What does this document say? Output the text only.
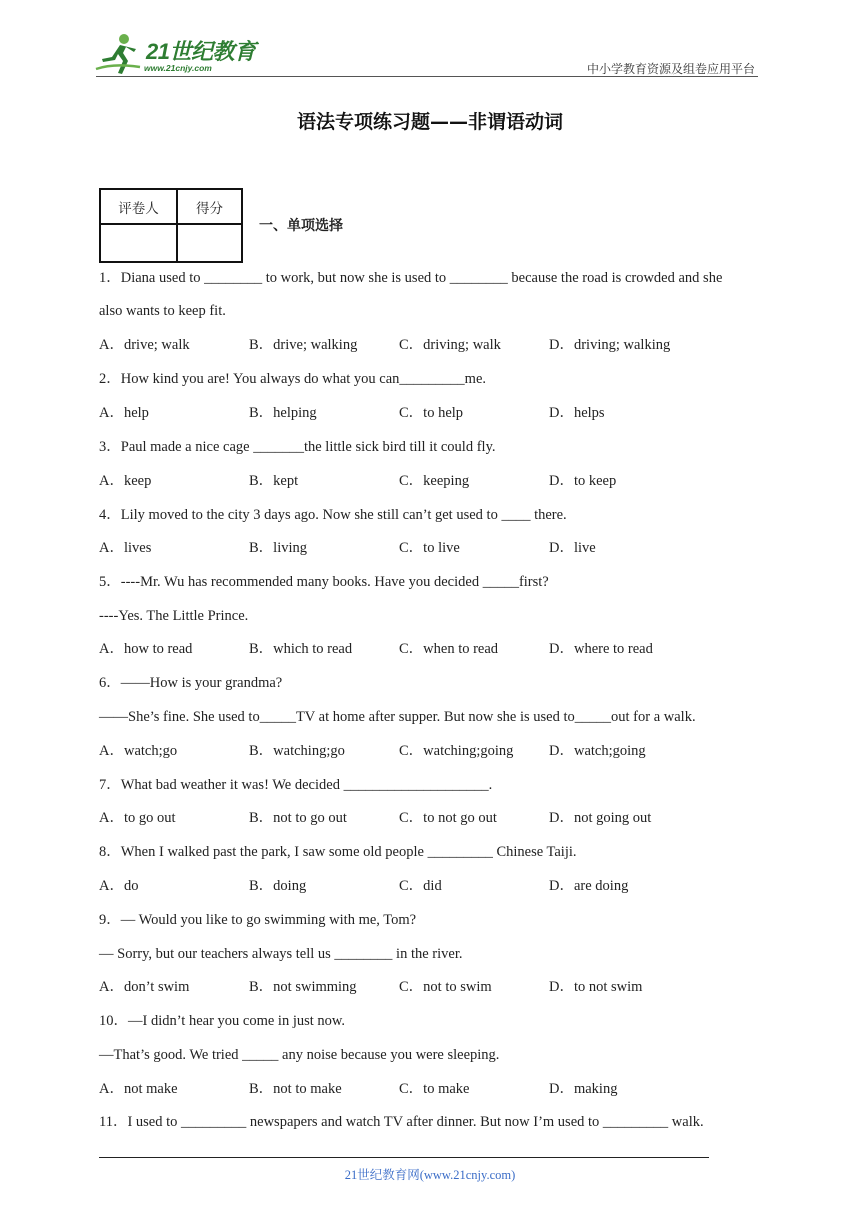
21世纪教育
www.21cnjy.com	中小学教育资源及组卷应用平台
语法专项练习题——非谓语动词
评卷人	得分

一、单项选择
1．Diana used to ________ to work, but now she is used to ________ because the road is crowded and she
also wants to keep fit.
A．drive; walk	B．drive; walking	C．driving; walk	D．driving; walking
2．How kind you are! You always do what you can_________me.
A．help	B．helping	C．to help	D．helps
3．Paul made a nice cage _______the little sick bird till it could fly.
A．keep	B．kept	C．keeping	D．to keep
4．Lily moved to the city 3 days ago. Now she still can’t get used to ____ there.
A．lives	B．living	C．to live	D．live
5．----Mr. Wu has recommended many books. Have you decided _____first?
----Yes. The Little Prince.
A．how to read	B．which to read	C．when to read	D．where to read
6．——How is your grandma?
——She’s fine. She used to_____TV at home after supper. But now she is used to_____out for a walk.
A．watch;go	B．watching;go	C．watching;going D．watch;going
7．What bad weather it was! We decided ____________________.
A．to go out	B．not to go out	C．to not go out	D．not going out
8．When I walked past the park, I saw some old people _________ Chinese Taiji.
A．do	B．doing	C．did	D．are doing
9．— Would you like to go swimming with me, Tom?
— Sorry, but our teachers always tell us ________ in the river.
A．don’t swim	B．not swimming	C．not to swim	D．to not swim
10．—I didn’t hear you come in just now.
—That’s good. We tried _____ any noise because you were sleeping.
A．not make	B．not to make	C．to make	D．making
11．I used to _________ newspapers and watch TV after dinner. But now I’m used to _________ walk.
21世纪教育网(www.21cnjy.com)
